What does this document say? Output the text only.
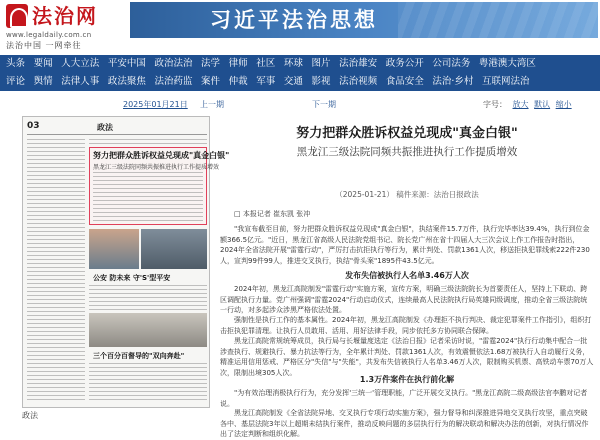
法治网
www.legaldaily.com.cn
法治中国 一网牵往
习近平法治思想
头条 要闻 人大立法 平安中国 政治法治 法学 律师 社区 环球 图片 法治雄安 政务公开 公司法务 粤港澳大湾区
评论 舆情 法律人事 政法聚焦 法治药监 案件 仲裁 军事 交通 影视 法治视频 食品安全 法治·乡村 互联网法治
2025年01月21日 上一期	下一期	字号： 放大 默认 缩小
03	政法
努力把群众胜诉权益兑现成"真金白银"
黑龙江三级法院同频共振推进执行工作提质增效
公安 防未来 守'S'型平安
三个百分百督导的"双向奔赴"
政法
努力把群众胜诉权益兑现成"真金白银"
黑龙江三级法院同频共振推进执行工作提质增效
（2025-01-21） 稿件来源：法治日报政法
□ 本报记者 崔东凯 张冲
"我宣布截至目前，努力把群众胜诉权益兑现成"真金白银"，执结案件15.7万件，执行完毕率达39.4%，执行到位金额366.5亿元。"近日，黑龙江省高级人民法院党组书记、院长党广州在省十四届人大三次会议上作工作报告时指出，2024年全省法院开展"雷霆行动"，严厉打击抗拒执行等行为，累计判处、罚款1361人次，移送拒执犯罪线索222件230人，宣判99件99人，推进交叉执行，执结"骨头案"1895件43.5亿元。
发布失信被执行人名单3.46万人次
2024年初，黑龙江高院制发"雷霆行动"实施方案，宣传方案，明确三级法院院长为首要责任人，坚持上下联动、跨区调配执行力量。党广州强调"雷霆2024"行动启动仪式，连续最高人民法院执行局英雄同级调度，推动全省三级法院统一行动，对多起涉众涉黑严格依法处置。
强制性是执行工作的基本属性。2024年初，黑龙江高院制发《办理拒不执行判决、裁定犯罪案件工作指引》，组织打击拒执犯罪清理。让执行人员敢用、活用、用好法律手段，同步依托多方协同联合保障。
黑龙江高院常规统筹成员，执行局与长堰量度选定《法治日报》记者采访时说，"雷霆2024"执行行动集中配合一批涉查执行、规避执行、暴力抗法等行为，全年累计判处、罚款1361人次，有效震慑依法1.68万被执行人自动履行义务，精准运用信用惩戒、严格区分"失信"与"失能"，共发布失信被执行人名单3.46万人次，限制购买机票、高铁动车票70万人次，限制出境305人次。
1.3万件案件在执行前化解
"为有效治理消极执行行为，充分发挥'三统一'管理职能，广泛开展交叉执行。"黑龙江高院二级高级法官李鹏对记者说。
黑龙江高院制发《全省法院异地、交叉执行专项行动实施方案》，强力督导和纠深推进异地交叉执行攻坚，重点突破各中、基层法院3年以上超期未结执行案件，推动反映问题的多层执行行为的解决联动和解决办法的创新，对执行情况作出了法定判断和组织化解。
